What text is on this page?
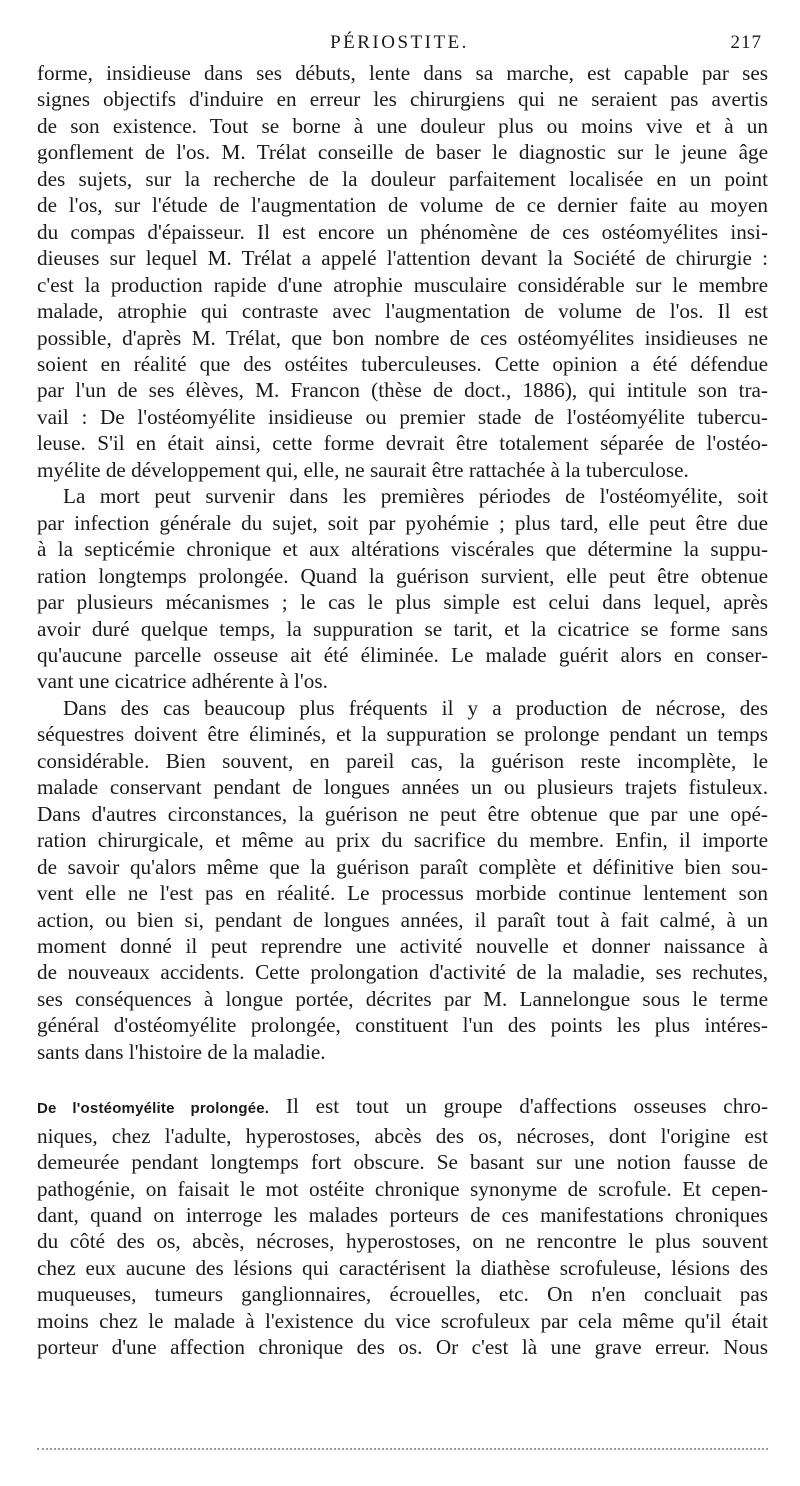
PÉRIOSTITE.	217
forme, insidieuse dans ses débuts, lente dans sa marche, est capable par ses
signes objectifs d'induire en erreur les chirurgiens qui ne seraient pas avertis
de son existence. Tout se borne à une douleur plus ou moins vive et à un
gonflement de l'os. M. Trélat conseille de baser le diagnostic sur le jeune âge
des sujets, sur la recherche de la douleur parfaitement localisée en un point
de l'os, sur l'étude de l'augmentation de volume de ce dernier faite au moyen
du compas d'épaisseur. Il est encore un phénomène de ces ostéomyélites insi-
dieuses sur lequel M. Trélat a appelé l'attention devant la Société de chirurgie :
c'est la production rapide d'une atrophie musculaire considérable sur le membre
malade, atrophie qui contraste avec l'augmentation de volume de l'os. Il est
possible, d'après M. Trélat, que bon nombre de ces ostéomyélites insidieuses ne
soient en réalité que des ostéites tuberculeuses. Cette opinion a été défendue
par l'un de ses élèves, M. Francon (thèse de doct., 1886), qui intitule son tra-
vail : De l'ostéomyélite insidieuse ou premier stade de l'ostéomyélite tubercu-
leuse. S'il en était ainsi, cette forme devrait être totalement séparée de l'ostéo-
myélite de développement qui, elle, ne saurait être rattachée à la tuberculose.
La mort peut survenir dans les premières périodes de l'ostéomyélite, soit
par infection générale du sujet, soit par pyohémie ; plus tard, elle peut être due
à la septicémie chronique et aux altérations viscérales que détermine la suppu-
ration longtemps prolongée. Quand la guérison survient, elle peut être obtenue
par plusieurs mécanismes ; le cas le plus simple est celui dans lequel, après
avoir duré quelque temps, la suppuration se tarit, et la cicatrice se forme sans
qu'aucune parcelle osseuse ait été éliminée. Le malade guérit alors en conser-
vant une cicatrice adhérente à l'os.
Dans des cas beaucoup plus fréquents il y a production de nécrose, des
séquestres doivent être éliminés, et la suppuration se prolonge pendant un temps
considérable. Bien souvent, en pareil cas, la guérison reste incomplète, le
malade conservant pendant de longues années un ou plusieurs trajets fistuleux.
Dans d'autres circonstances, la guérison ne peut être obtenue que par une opé-
ration chirurgicale, et même au prix du sacrifice du membre. Enfin, il importe
de savoir qu'alors même que la guérison paraît complète et définitive bien sou-
vent elle ne l'est pas en réalité. Le processus morbide continue lentement son
action, ou bien si, pendant de longues années, il paraît tout à fait calmé, à un
moment donné il peut reprendre une activité nouvelle et donner naissance à
de nouveaux accidents. Cette prolongation d'activité de la maladie, ses rechutes,
ses conséquences à longue portée, décrites par M. Lannelongue sous le terme
général d'ostéomyélite prolongée, constituent l'un des points les plus intéres-
sants dans l'histoire de la maladie.
De l'ostéomyélite prolongée. Il est tout un groupe d'affections osseuses chro-
niques, chez l'adulte, hyperostoses, abcès des os, nécroses, dont l'origine est
demeurée pendant longtemps fort obscure. Se basant sur une notion fausse de
pathogénie, on faisait le mot ostéite chronique synonyme de scrofule. Et cepen-
dant, quand on interroge les malades porteurs de ces manifestations chroniques
du côté des os, abcès, nécroses, hyperostoses, on ne rencontre le plus souvent
chez eux aucune des lésions qui caractérisent la diathèse scrofuleuse, lésions des
muqueuses, tumeurs ganglionnaires, écrouelles, etc. On n'en concluait pas
moins chez le malade à l'existence du vice scrofuleux par cela même qu'il était
porteur d'une affection chronique des os. Or c'est là une grave erreur. Nous
